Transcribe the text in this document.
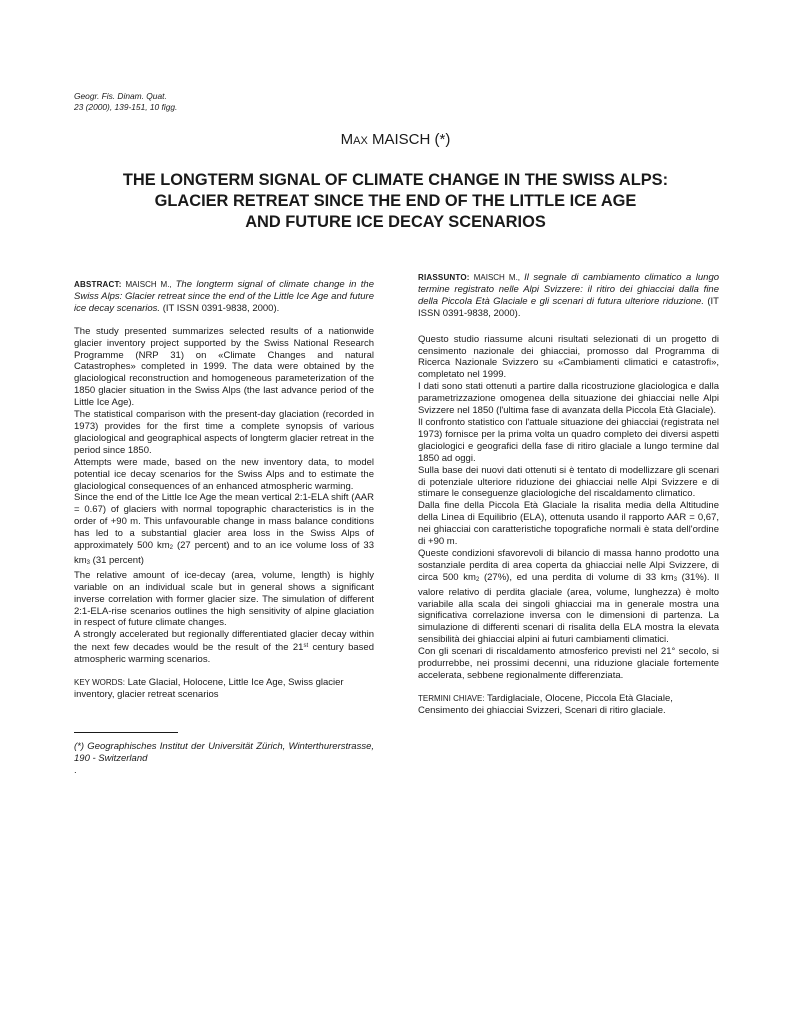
Geogr. Fis. Dinam. Quat.
23 (2000), 139-151, 10 figg.
MAX MAISCH (*)
THE LONGTERM SIGNAL OF CLIMATE CHANGE IN THE SWISS ALPS:
GLACIER RETREAT SINCE THE END OF THE LITTLE ICE AGE
AND FUTURE ICE DECAY SCENARIOS

ABSTRACT: MAISCH M., The longterm signal of climate change in the Swiss Alps: Glacier retreat since the end of the Little Ice Age and future ice decay scenarios. (IT ISSN 0391-9838, 2000).

The study presented summarizes selected results of a nationwide glacier inventory project supported by the Swiss National Research Programme (NRP 31) on «Climate Changes and natural Catastrophes» completed in 1999. The data were obtained by the glaciological reconstruction and homogeneous parameterization of the 1850 glacier situation in the Swiss Alps (the last advance period of the Little Ice Age).

The statistical comparison with the present-day glaciation (recorded in 1973) provides for the first time a complete synopsis of various glaciological and geographical aspects of longterm glacier retreat in the period since 1850.

Attempts were made, based on the new inventory data, to model potential ice decay scenarios for the Swiss Alps and to estimate the glaciological consequences of an enhanced atmospheric warming.

Since the end of the Little Ice Age the mean vertical 2:1-ELA shift (AAR = 0.67) of glaciers with normal topographic characteristics is in the order of +90 m. This unfavourable change in mass balance conditions has led to a substantial glacier area loss in the Swiss Alps of approximately 500 $km_2$ (27 percent) and to an ice volume loss of 33 $km_3$ (31 percent)

The relative amount of ice-decay (area, volume, length) is highly variable on an individual scale but in general shows a significant inverse correlation with former glacier size. The simulation of different 2:1-ELA-rise scenarios outlines the high sensitivity of alpine glaciation in respect of future climate changes.

A strongly accelerated but regionally differentiated glacier decay within the next few decades would be the result of the 21st century based atmospheric warming scenarios.

KEY WORDS: Late Glacial, Holocene, Little Ice Age, Swiss glacier inventory, glacier retreat scenarios

(*) Geographisches Institut der Universität Zürich, Winterthurerstrasse, 190 - Switzerland
.

RIASSUNTO: MAISCH M., Il segnale di cambiamento climatico a lungo termine registrato nelle Alpi Svizzere: il ritiro dei ghiacciai dalla fine della Piccola Età Glaciale e gli scenari di futura ulteriore riduzione. (IT ISSN 0391-9838, 2000).

Questo studio riassume alcuni risultati selezionati di un progetto di censimento nazionale dei ghiacciai, promosso dal Programma di Ricerca Nazionale Svizzero su «Cambiamenti climatici e catastrofi», completato nel 1999.

I dati sono stati ottenuti a partire dalla ricostruzione glaciologica e dalla parametrizzazione omogenea della situazione dei ghiacciai nelle Alpi Svizzere nel 1850 (l'ultima fase di avanzata della Piccola Età Glaciale).

Il confronto statistico con l'attuale situazione dei ghiacciai (registrata nel 1973) fornisce per la prima volta un quadro completo dei diversi aspetti glaciologici e geografici della fase di ritiro glaciale a lungo termine dal 1850 ad oggi.

Sulla base dei nuovi dati ottenuti si è tentato di modellizzare gli scenari di potenziale ulteriore riduzione dei ghiacciai nelle Alpi Svizzere e di stimare le conseguenze glaciologiche del riscaldamento climatico.

Dalla fine della Piccola Età Glaciale la risalita media della Altitudine della Linea di Equilibrio (ELA), ottenuta usando il rapporto AAR = 0,67, nei ghiacciai con caratteristiche topografiche normali è stata dell'ordine di +90 m.

Queste condizioni sfavorevoli di bilancio di massa hanno prodotto una sostanziale perdita di area coperta da ghiacciai nelle Alpi Svizzere, di circa 500 $km_2$ (27%), ed una perdita di volume di 33 $km_3$ (31%). Il valore relativo di perdita glaciale (area, volume, lunghezza) è molto variabile alla scala dei singoli ghiacciai ma in generale mostra una significativa correlazione inversa con le dimensioni di partenza. La simulazione di differenti scenari di risalita della ELA mostra la elevata sensibilità dei ghiacciai alpini ai futuri cambiamenti climatici.

Con gli scenari di riscaldamento atmosferico previsti nel 21° secolo, si produrrebbe, nei prossimi decenni, una riduzione glaciale fortemente accelerata, sebbene regionalmente differenziata.

TERMINI CHIAVE: Tardiglaciale, Olocene, Piccola Età Glaciale, Censimento dei ghiacciai Svizzeri, Scenari di ritiro glaciale.
